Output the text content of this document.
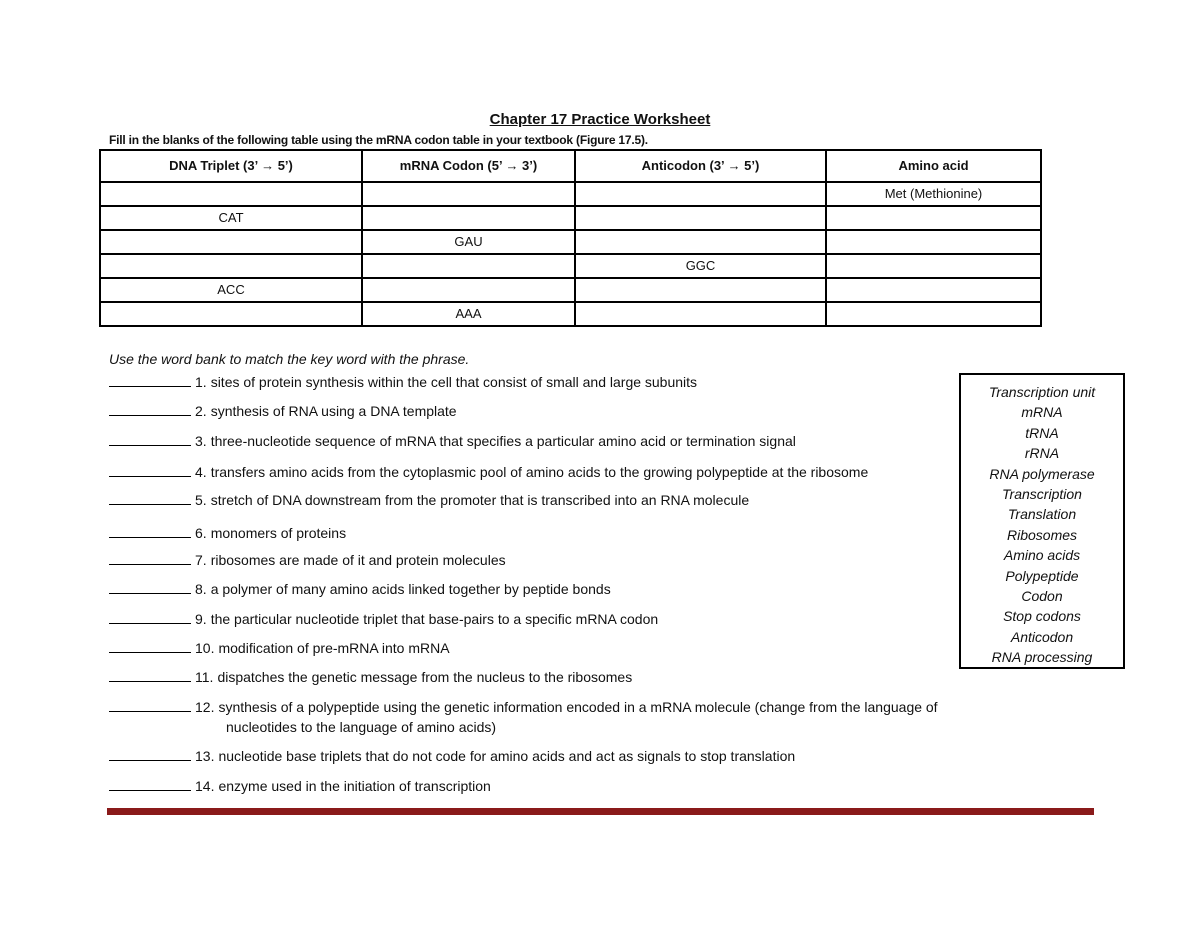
Chapter 17 Practice Worksheet
Fill in the blanks of the following table using the mRNA codon table in your textbook (Figure 17.5).
DNA Triplet (3’ → 5’)	mRNA Codon (5’ → 3’)	Anticodon (3’ → 5’)	Amino acid
			Met (Methionine)
CAT			
	GAU		
		GGC	
ACC			
	AAA		
Use the word bank to match the key word with the phrase.
1. sites of protein synthesis within the cell that consist of small and large subunits
2. synthesis of RNA using a DNA template
3. three-nucleotide sequence of mRNA that specifies a particular amino acid or termination signal
4. transfers amino acids from the cytoplasmic pool of amino acids to the growing polypeptide at the ribosome
5. stretch of DNA downstream from the promoter that is transcribed into an RNA molecule
6. monomers of proteins
7. ribosomes are made of it and protein molecules
8. a polymer of many amino acids linked together by peptide bonds
9. the particular nucleotide triplet that base-pairs to a specific mRNA codon
10. modification of pre-mRNA into mRNA
11. dispatches the genetic message from the nucleus to the ribosomes
12. synthesis of a polypeptide using the genetic information encoded in a mRNA molecule (change from the language of
nucleotides to the language of amino acids)
13. nucleotide base triplets that do not code for amino acids and act as signals to stop translation
14. enzyme used in the initiation of transcription
Transcription unit
mRNA
tRNA
rRNA
RNA polymerase
Transcription
Translation
Ribosomes
Amino acids
Polypeptide
Codon
Stop codons
Anticodon
RNA processing
